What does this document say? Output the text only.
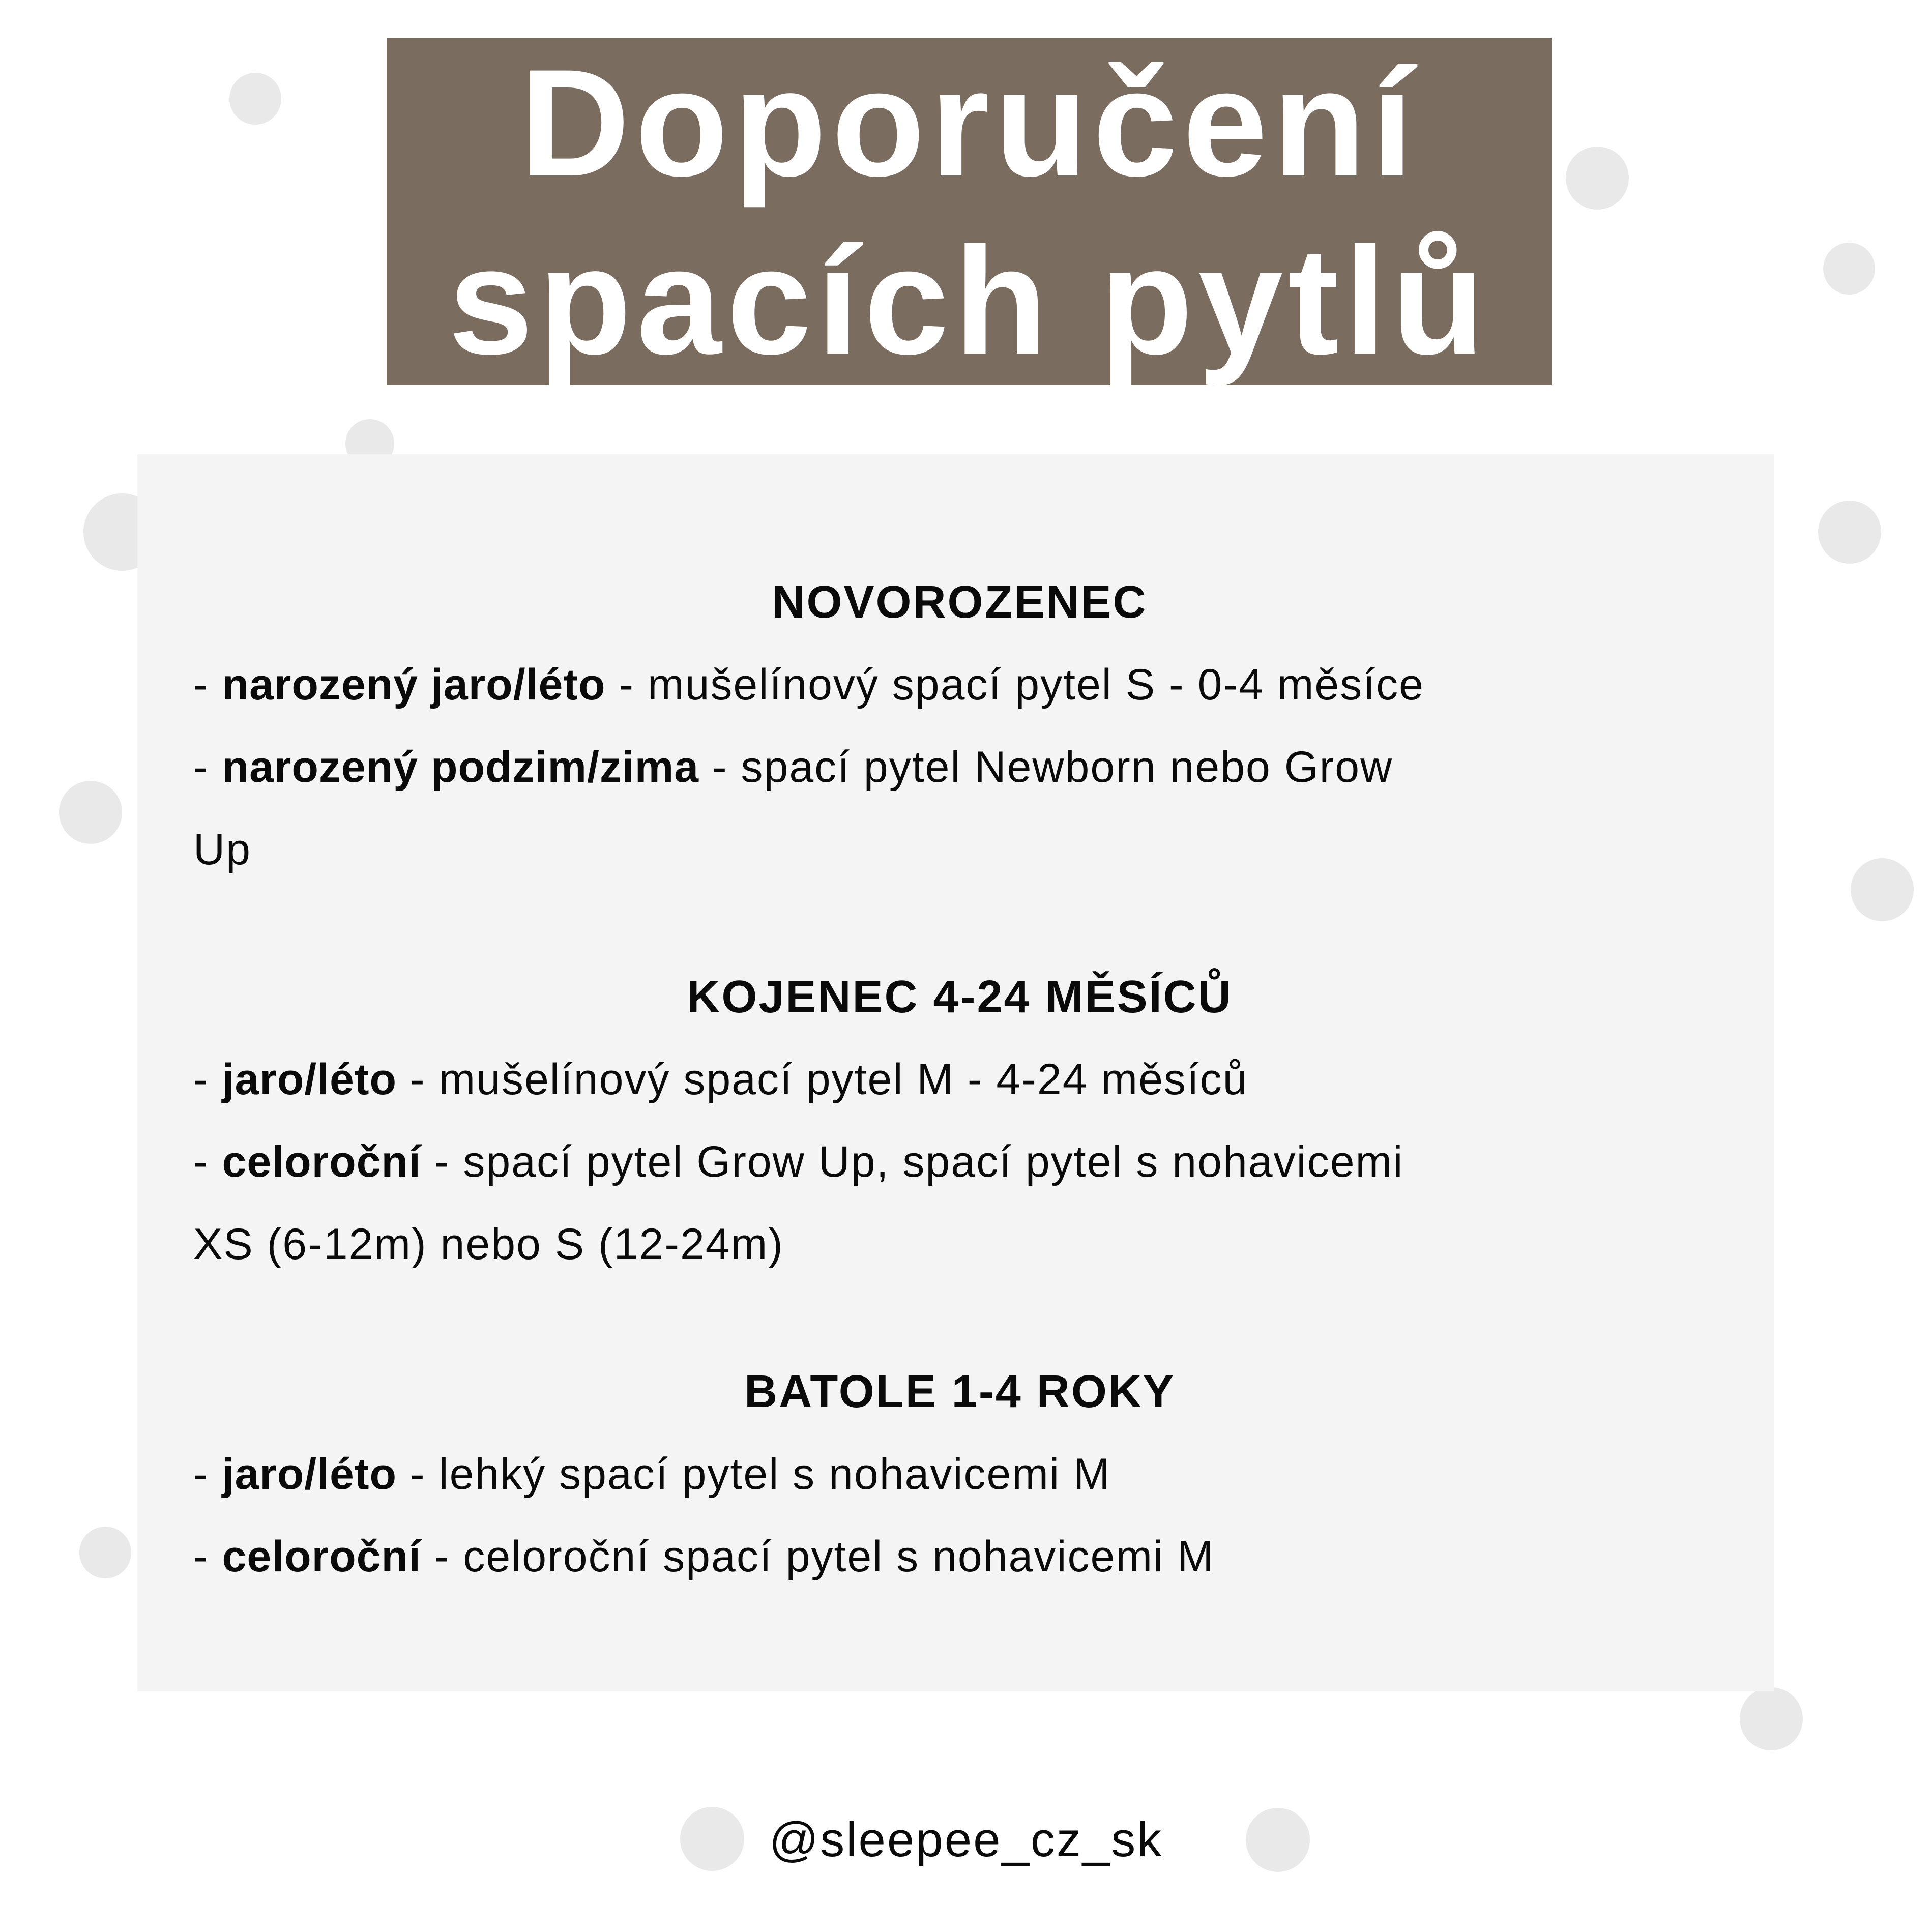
Doporučení
spacích pytlů
NOVOROZENEC
- narozený jaro/léto - mušelínový spací pytel S - 0-4 měsíce
- narozený podzim/zima - spací pytel Newborn nebo Grow
Up
KOJENEC 4-24 MĚSÍCŮ
- jaro/léto - mušelínový spací pytel M - 4-24 měsíců
- celoroční - spací pytel Grow Up, spací pytel s nohavicemi
XS (6-12m) nebo S (12-24m)
BATOLE 1-4 ROKY
- jaro/léto - lehký spací pytel s nohavicemi M
- celoroční - celoroční spací pytel s nohavicemi M
@sleepee_cz_sk
